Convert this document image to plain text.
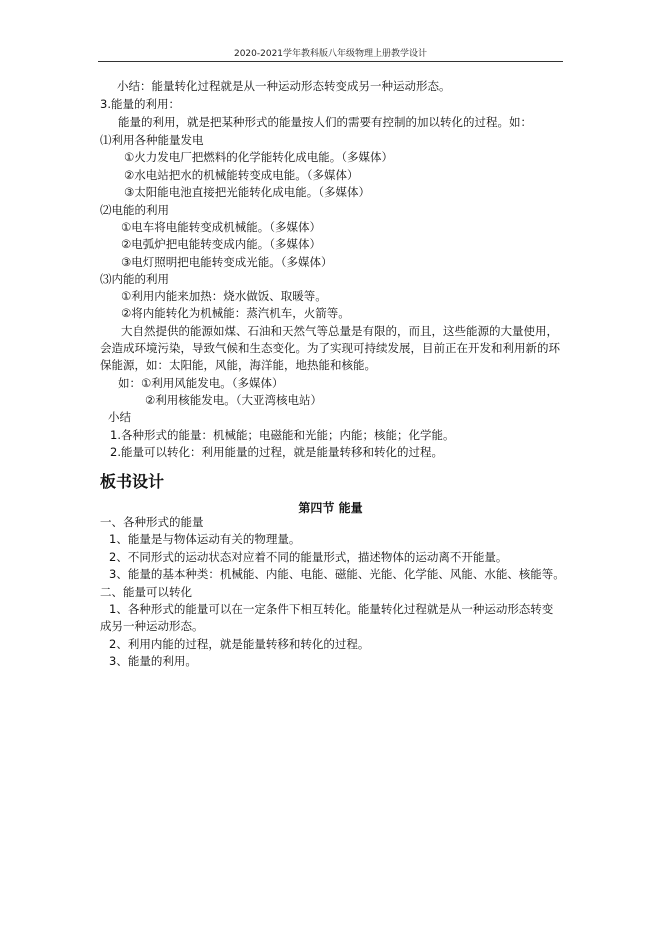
2020-2021学年教科版八年级物理上册教学设计
小结：能量转化过程就是从一种运动形态转变成另一种运动形态。
3.能量的利用：
能量的利用，就是把某种形式的能量按人们的需要有控制的加以转化的过程。如：
⑴利用各种能量发电
①火力发电厂把燃料的化学能转化成电能。（多媒体）
②水电站把水的机械能转变成电能。（多媒体）
③太阳能电池直接把光能转化成电能。（多媒体）
⑵电能的利用
①电车将电能转变成机械能。（多媒体）
②电弧炉把电能转变成内能。（多媒体）
③电灯照明把电能转变成光能。（多媒体）
⑶内能的利用
①利用内能来加热：烧水做饭、取暖等。
②将内能转化为机械能：蒸汽机车，火箭等。
大自然提供的能源如煤、石油和天然气等总量是有限的，而且，这些能源的大量使用，
会造成环境污染，导致气候和生态变化。为了实现可持续发展，目前正在开发和利用新的环
保能源，如：太阳能，风能，海洋能，地热能和核能。
如：①利用风能发电。（多媒体）
②利用核能发电。（大亚湾核电站）
小结
1.各种形式的能量：机械能；电磁能和光能；内能；核能；化学能。
2.能量可以转化：利用能量的过程，就是能量转移和转化的过程。
板书设计
第四节 能量
一、各种形式的能量
1、能量是与物体运动有关的物理量。
2、不同形式的运动状态对应着不同的能量形式，描述物体的运动离不开能量。
3、能量的基本种类：机械能、内能、电能、磁能、光能、化学能、风能、水能、核能等。
二、能量可以转化
1、各种形式的能量可以在一定条件下相互转化。能量转化过程就是从一种运动形态转变
成另一种运动形态。
2、利用内能的过程，就是能量转移和转化的过程。
3、能量的利用。
